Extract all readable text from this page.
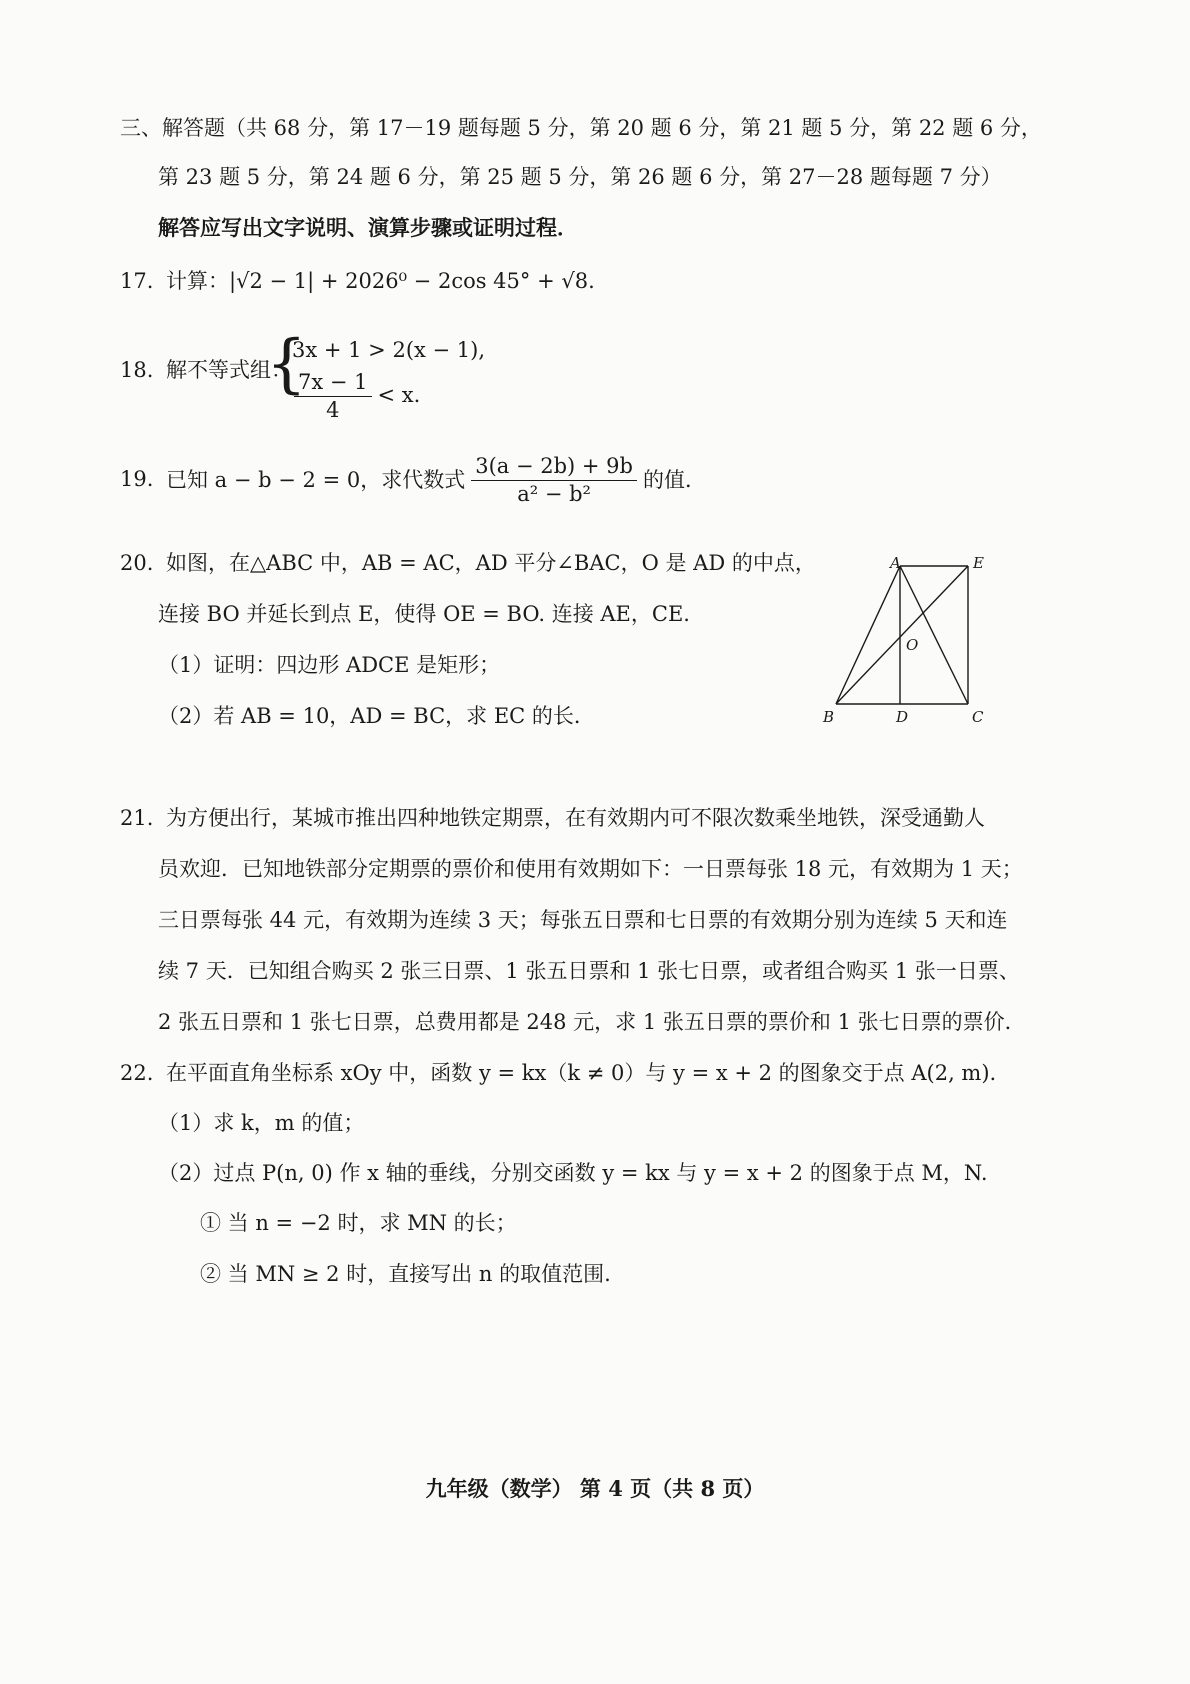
三、解答题（共 68 分，第 17－19 题每题 5 分，第 20 题 6 分，第 21 题 5 分，第 22 题 6 分，
第 23 题 5 分，第 24 题 6 分，第 25 题 5 分，第 26 题 6 分，第 27－28 题每题 7 分）
解答应写出文字说明、演算步骤或证明过程．
17. 计算：|√2 − 1| + 2026⁰ − 2cos 45° + √8.
18. 解不等式组：
{
3x + 1 > 2(x − 1),
$\frac{7x - 1}{4} < x$.
19. 已知 a − b − 2 = 0，求代数式 $\frac{3(a - 2b) + 9b}{\text{a² − b²}}$ 的值．
20. 如图，在△ABC 中，AB = AC，AD 平分∠BAC，O 是 AD 的中点，
连接 BO 并延长到点 E，使得 OE = BO. 连接 AE，CE.
（1）证明：四边形 ADCE 是矩形；
（2）若 AB = 10，AD = BC，求 EC 的长．
A	E
O
B	D	C
21. 为方便出行，某城市推出四种地铁定期票，在有效期内可不限次数乘坐地铁，深受通勤人
员欢迎．已知地铁部分定期票的票价和使用有效期如下：一日票每张 18 元，有效期为 1 天；
三日票每张 44 元，有效期为连续 3 天；每张五日票和七日票的有效期分别为连续 5 天和连
续 7 天．已知组合购买 2 张三日票、1 张五日票和 1 张七日票，或者组合购买 1 张一日票、
2 张五日票和 1 张七日票，总费用都是 248 元，求 1 张五日票的票价和 1 张七日票的票价．
22. 在平面直角坐标系 xOy 中，函数 y = kx（k ≠ 0）与 y = x + 2 的图象交于点 A(2, m).
（1）求 k，m 的值；
（2）过点 P(n, 0) 作 x 轴的垂线，分别交函数 y = kx 与 y = x + 2 的图象于点 M，N.
① 当 n = −2 时，求 MN 的长；
② 当 MN ≥ 2 时，直接写出 n 的取值范围.
九年级（数学） 第 4 页（共 8 页）
